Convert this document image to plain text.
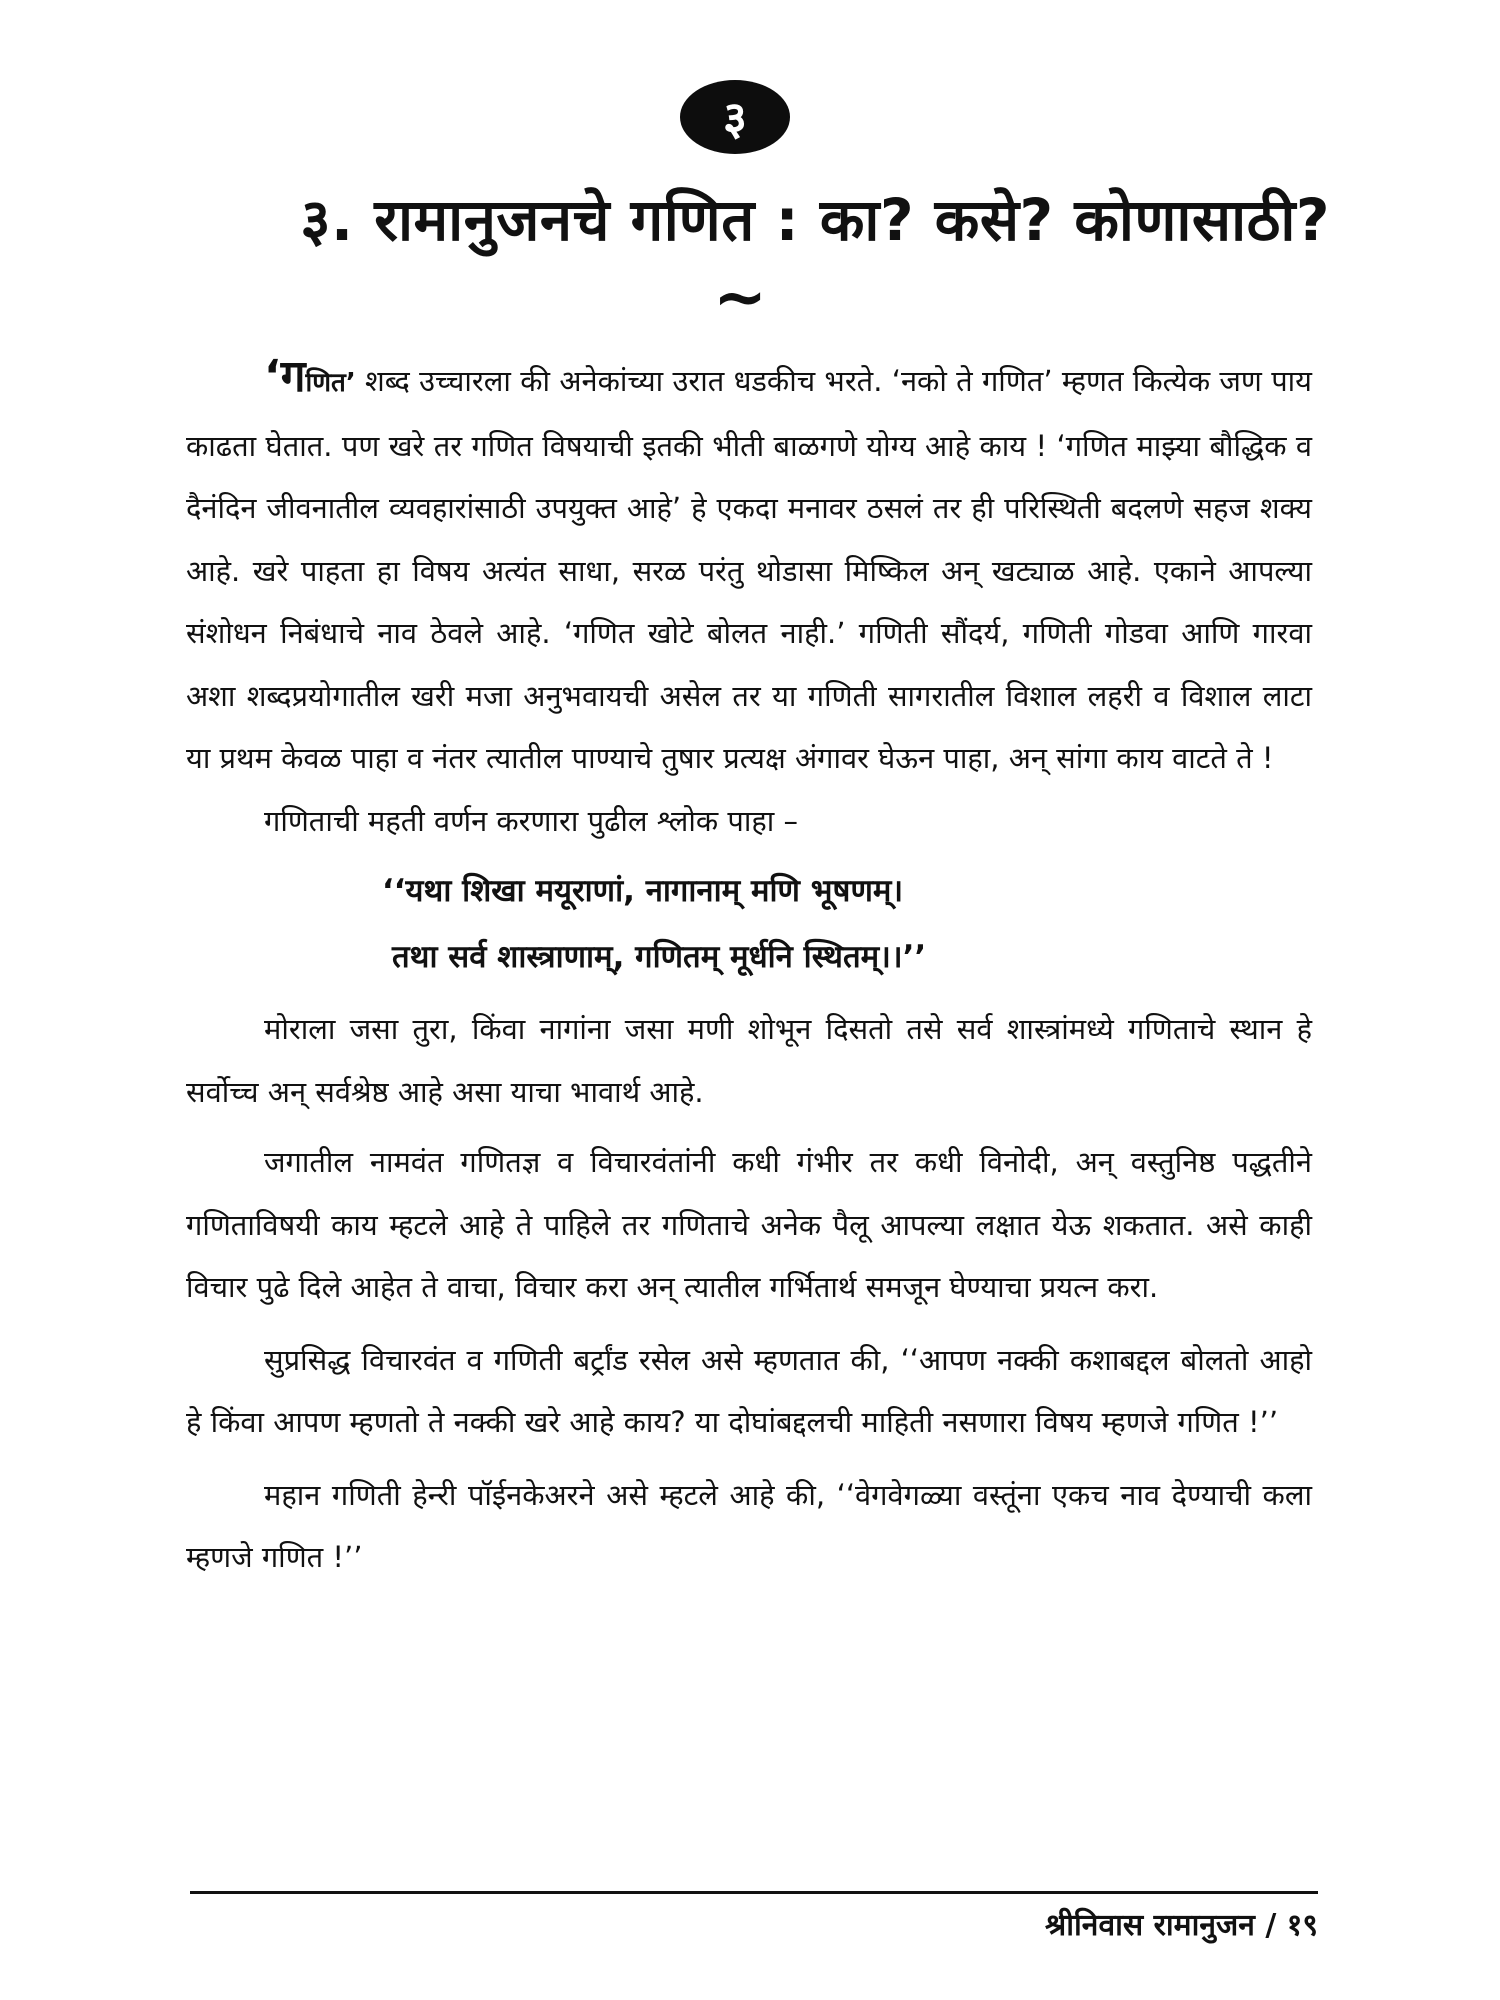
३
३. रामानुजनचे गणित : का? कसे? कोणासाठी?
~

‘गणित’ शब्द उच्चारला की अनेकांच्या उरात धडकीच भरते. ‘नको ते गणित’ म्हणत कित्येक जण पाय काढता घेतात. पण खरे तर गणित विषयाची इतकी भीती बाळगणे योग्य आहे काय ! ‘गणित माझ्या बौद्धिक व दैनंदिन जीवनातील व्यवहारांसाठी उपयुक्त आहे’ हे एकदा मनावर ठसलं तर ही परिस्थिती बदलणे सहज शक्य आहे. खरे पाहता हा विषय अत्यंत साधा, सरळ परंतु थोडासा मिष्किल अन् खट्याळ आहे. एकाने आपल्या संशोधन निबंधाचे नाव ठेवले आहे. ‘गणित खोटे बोलत नाही.’ गणिती सौंदर्य, गणिती गोडवा आणि गारवा अशा शब्दप्रयोगातील खरी मजा अनुभवायची असेल तर या गणिती सागरातील विशाल लहरी व विशाल लाटा या प्रथम केवळ पाहा व नंतर त्यातील पाण्याचे तुषार प्रत्यक्ष अंगावर घेऊन पाहा, अन् सांगा काय वाटते ते !

गणिताची महती वर्णन करणारा पुढील श्लोक पाहा –

‘‘यथा शिखा मयूराणां, नागानाम् मणि भूषणम्।
तथा सर्व शास्त्राणाम्, गणितम् मूर्धनि स्थितम्।।’’

मोराला जसा तुरा, किंवा नागांना जसा मणी शोभून दिसतो तसे सर्व शास्त्रांमध्ये गणिताचे स्थान हे सर्वोच्च अन् सर्वश्रेष्ठ आहे असा याचा भावार्थ आहे.

जगातील नामवंत गणितज्ञ व विचारवंतांनी कधी गंभीर तर कधी विनोदी, अन् वस्तुनिष्ठ पद्धतीने गणिताविषयी काय म्हटले आहे ते पाहिले तर गणिताचे अनेक पैलू आपल्या लक्षात येऊ शकतात. असे काही विचार पुढे दिले आहेत ते वाचा, विचार करा अन् त्यातील गर्भितार्थ समजून घेण्याचा प्रयत्न करा.

सुप्रसिद्ध विचारवंत व गणिती बर्ट्रांड रसेल असे म्हणतात की, ‘‘आपण नक्की कशाबद्दल बोलतो आहो हे किंवा आपण म्हणतो ते नक्की खरे आहे काय? या दोघांबद्दलची माहिती नसणारा विषय म्हणजे गणित !’’

महान गणिती हेन्‍री पॉईनकेअरने असे म्हटले आहे की, ‘‘वेगवेगळ्या वस्तूंना एकच नाव देण्याची कला म्हणजे गणित !’’

श्रीनिवास रामानुजन / १९
